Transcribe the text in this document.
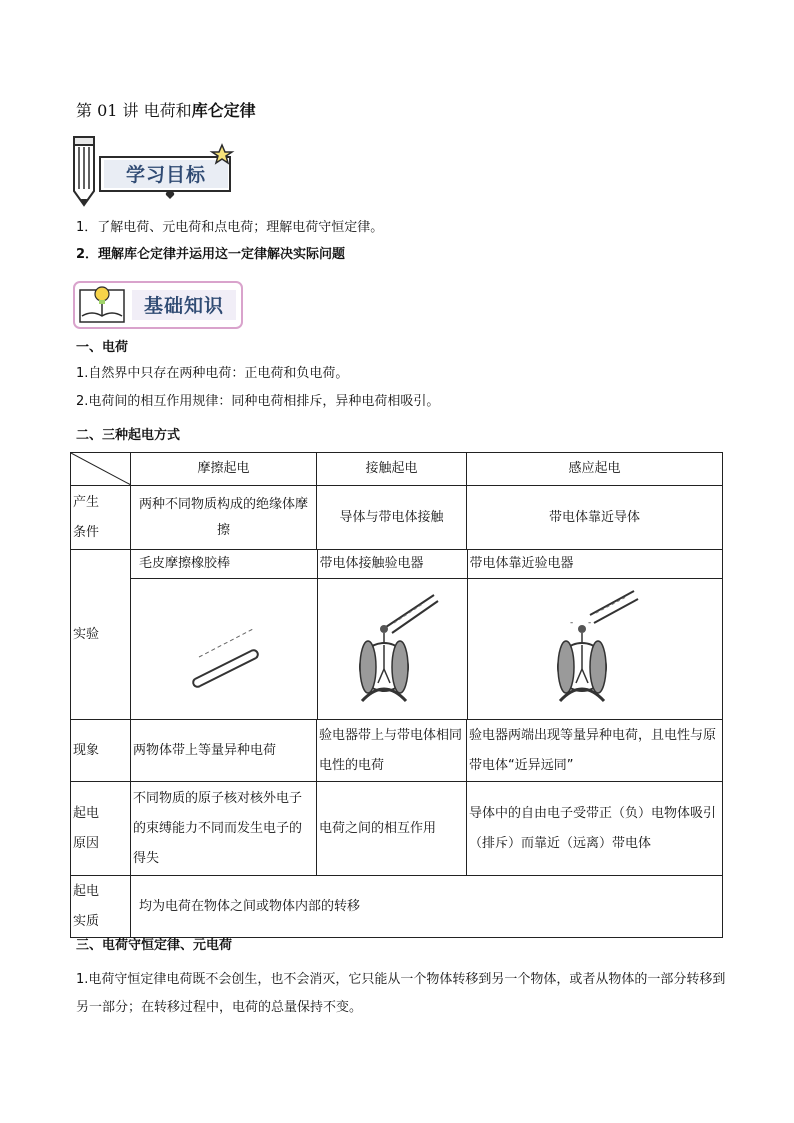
第 01 讲 电荷和库仑定律
学习目标
1．了解电荷、元电荷和点电荷；理解电荷守恒定律。
2．理解库仑定律并运用这一定律解决实际问题
基础知识
一、电荷
1.自然界中只存在两种电荷：正电荷和负电荷。
2.电荷间的相互作用规律：同种电荷相排斥，异种电荷相吸引。
二、三种起电方式
	摩擦起电	接触起电	感应起电

产生
条件
	两种不同物质构成的绝缘体摩擦	导体与带电体接触	带电体靠近导体
实验	
毛皮摩擦橡胶棒	带电体接触验电器	带电体靠近验电器

- -

现象	两物体带上等量异种电荷	验电器带上与带电体相同电性的电荷	验电器两端出现等量异种电荷，且电性与原带电体“近异远同”

起电
原因
	不同物质的原子核对核外电子的束缚能力不同而发生电子的得失	电荷之间的相互作用	导体中的自由电子受带正（负）电物体吸引（排斥）而靠近（远离）带电体

起电
实质
	均为电荷在物体之间或物体内部的转移
三、电荷守恒定律、元电荷
1.电荷守恒定律电荷既不会创生，也不会消灭，它只能从一个物体转移到另一个物体，或者从物体的一部分转移到另一部分；在转移过程中，电荷的总量保持不变。
